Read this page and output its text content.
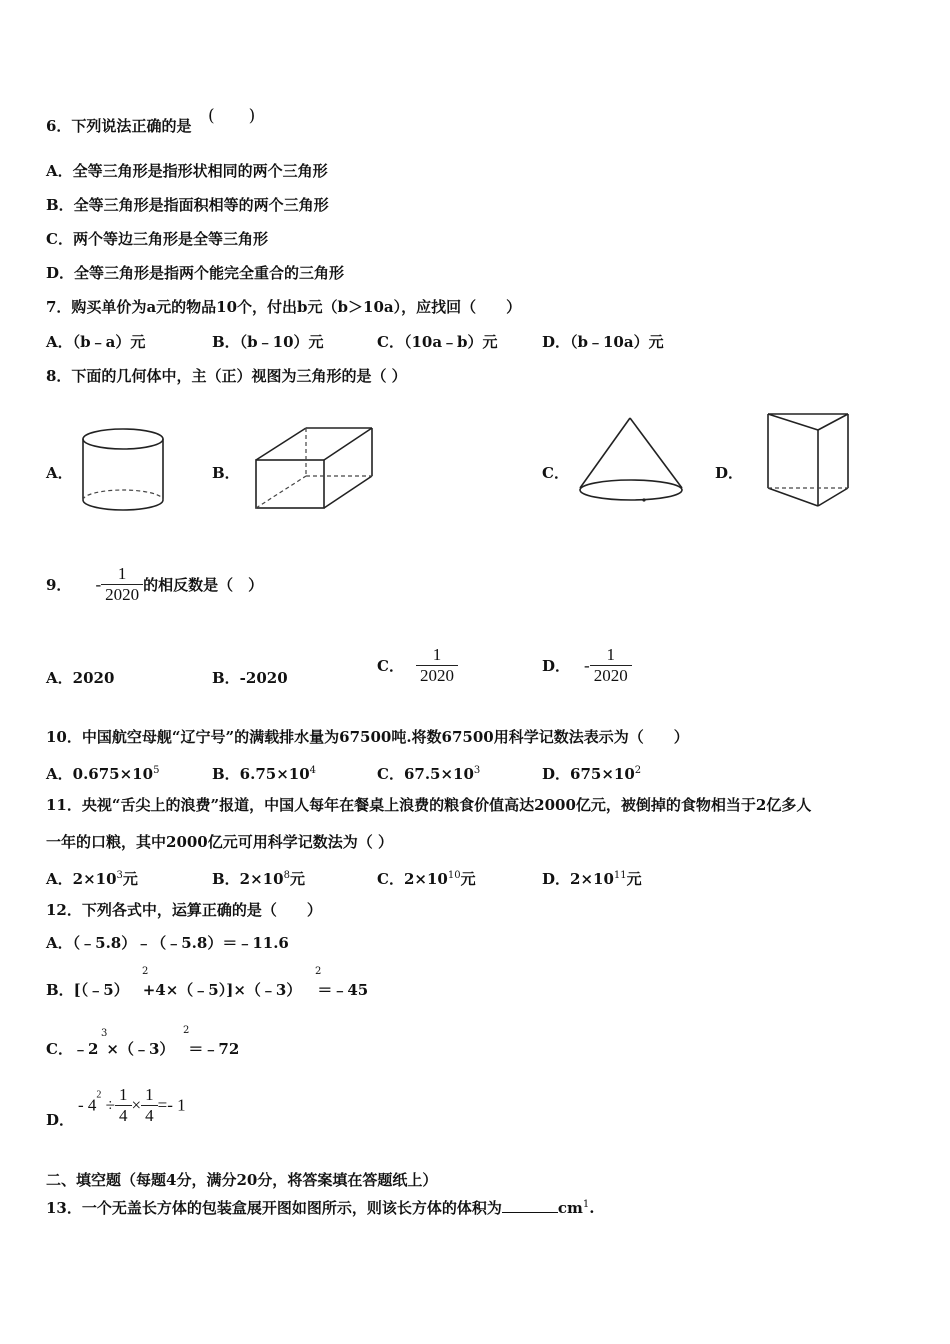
6．下列说法正确的是 (　　)
A．全等三角形是指形状相同的两个三角形
B．全等三角形是指面积相等的两个三角形
C．两个等边三角形是全等三角形
D．全等三角形是指两个能完全重合的三角形
7．购买单价为a元的物品10个，付出b元（b＞10a），应找回（　　）
A．（b﹣a）元	B．（b﹣10）元	C．（10a﹣b）元	D．（b﹣10a）元
8．下面的几何体中，主（正）视图为三角形的是（ ）
A．	B．	C．	D．
9． - $\frac{1}{2020}$ 的相反数是（　）
A．2020	B．-2020
C． $\frac{1}{2020}$	D． - $\frac{1}{2020}$
10．中国航空母舰“辽宁号”的满载排水量为67500吨.将数67500用科学记数法表示为（　　）
A．$0.675\times 10^5$	B．$6.75\times 10^4$	C．$67.5\times 10^3$	D．$675\times 10^2$
11．央视“舌尖上的浪费”报道，中国人每年在餐桌上浪费的粮食价值高达2000亿元，被倒掉的食物相当于2亿多人
一年的口粮，其中2000亿元可用科学记数法为（ ）
A．$2\times 10^3$元	B．$2\times 10^8$元	C．$2\times 10^{10}$元	D．$2\times 10^{11}$元
12．下列各式中，运算正确的是（　　）
A．（﹣5.8）﹣（﹣5.8）＝﹣11.6
B．[（﹣5） +4×（﹣5）]×（﹣3） ＝﹣45
2	2
C．﹣2 ×（﹣3） ＝﹣72
3	2
D．
- $4^2 \div \frac{1}{4} \times \frac{1}{4} =- 1$
二、填空题（每题4分，满分20分，将答案填在答题纸上）
13．一个无盖长方体的包装盒展开图如图所示，则该长方体的体积为	$cm^1$.
